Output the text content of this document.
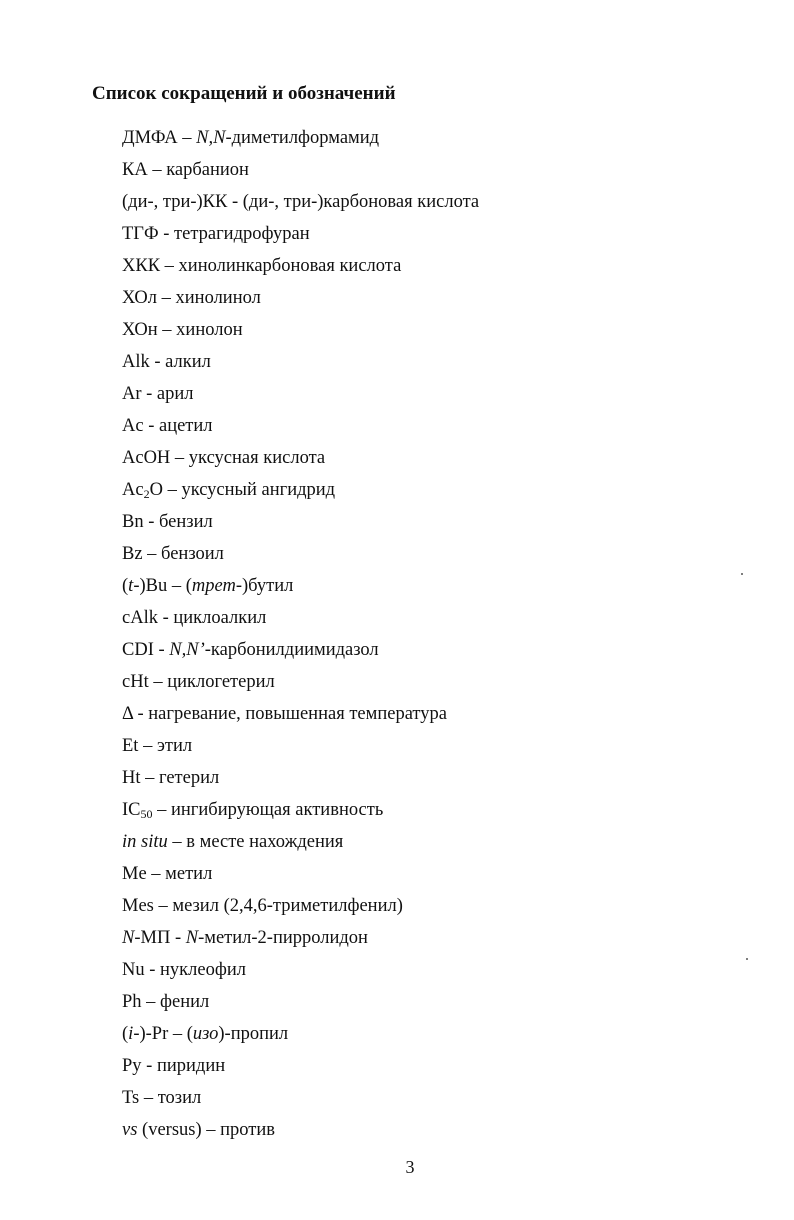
Список сокращений и обозначений
ДМФА – N,N-диметилформамид
КА – карбанион
(ди-, три-)КК - (ди-, три-)карбоновая кислота
ТГФ - тетрагидрофуран
ХКК – хинолинкарбоновая кислота
ХОл – хинолинол
ХОн – хинолон
Alk - алкил
Ar - арил
Ac - ацетил
AcOH – уксусная кислота
$Ac_2O$ – уксусный ангидрид
Bn - бензил
Bz – бензоил
(t-)Bu – (трет-)бутил
cAlk - циклоалкил
CDI - N,N’-карбонилдиимидазол
cHt – циклогетерил
Δ - нагревание, повышенная температура
Et – этил
Ht – гетерил
$IC_{50}$ – ингибирующая активность
in situ – в месте нахождения
Me – метил
Mes – мезил (2,4,6-триметилфенил)
N-МП - N-метил-2-пирролидон
Nu - нуклеофил
Ph – фенил
(i-)-Pr – (изо)-пропил
Py - пиридин
Ts – тозил
vs (versus) – против
3
